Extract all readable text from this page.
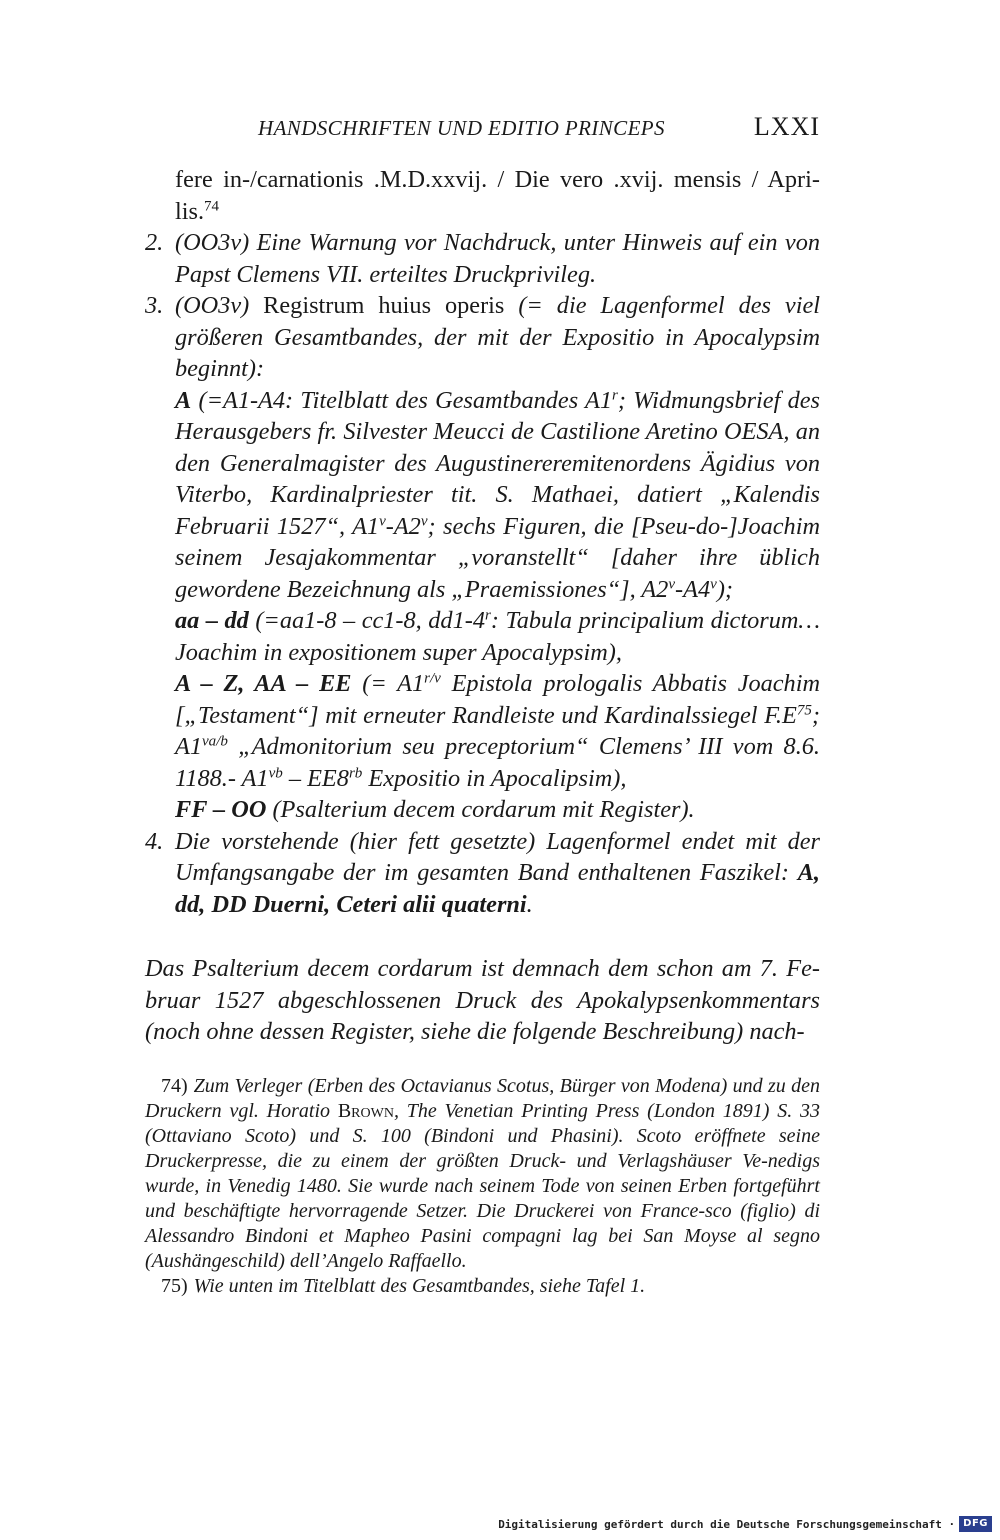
HANDSCHRIFTEN UND EDITIO PRINCEPS	LXXI

fere in-/carnationis .M.D.xxvij. / Die vero .xvij. mensis / Apri-lis.$^{74}$

2. (OO3v) Eine Warnung vor Nachdruck, unter Hinweis auf ein von Papst Clemens VII. erteiltes Druckprivileg.

3. (OO3v) Registrum huius operis (= die Lagenformel des viel größeren Gesamtbandes, der mit der Expositio in Apocalypsim beginnt):

A (=A1-A4: Titelblatt des Gesamtbandes A1$^r$; Widmungsbrief des Herausgebers fr. Silvester Meucci de Castilione Aretino OESA, an den Generalmagister des Augustinereremitenordens Ägidius von Viterbo, Kardinalpriester tit. S. Mathaei, datiert „Kalendis Februarii 1527“, A1$^v$-A2$^v$; sechs Figuren, die [Pseu-do-]Joachim seinem Jesajakommentar „voranstellt“ [daher ihre üblich gewordene Bezeichnung als „Praemissiones“], A2$^v$-A4$^v$);
aa – dd (=aa1-8 – cc1-8, dd1-4$^r$: Tabula principalium dictorum… Joachim in expositionem super Apocalypsim),

A – Z, AA – EE (= $A1^{r/v}$ Epistola prologalis Abbatis Joachim [„Testament“] mit erneuter Randleiste und Kardinalssiegel $F.E^{75}$; $A1^{va/b}$ „Admonitorium seu preceptorium“ Clemens’ III vom 8.6. 1188.- $A1^{vb} - EE8^{rb}$ Expositio in Apocalipsim),

FF – OO (Psalterium decem cordarum mit Register).

4. Die vorstehende (hier fett gesetzte) Lagenformel endet mit der Umfangsangabe der im gesamten Band enthaltenen Faszikel: A, dd, DD Duerni, Ceteri alii quaterni.

Das Psalterium decem cordarum ist demnach dem schon am 7. Fe-bruar 1527 abgeschlossenen Druck des Apokalypsenkommentars (noch ohne dessen Register, siehe die folgende Beschreibung) nach-

74) Zum Verleger (Erben des Octavianus Scotus, Bürger von Modena) und zu den Druckern vgl. Horatio Brown, The Venetian Printing Press (London 1891) S. 33 (Ottaviano Scoto) und S. 100 (Bindoni und Phasini). Scoto eröffnete seine Druckerpresse, die zu einem der größten Druck- und Verlagshäuser Ve-nedigs wurde, in Venedig 1480. Sie wurde nach seinem Tode von seinen Erben fortgeführt und beschäftigte hervorragende Setzer. Die Druckerei von France-sco (figlio) di Alessandro Bindoni et Mapheo Pasini compagni lag bei San Moyse al segno (Aushängeschild) dell’Angelo Raffaello.

75) Wie unten im Titelblatt des Gesamtbandes, siehe Tafel 1.

Digitalisierung gefördert durch die Deutsche Forschungsgemeinschaft · DFG
